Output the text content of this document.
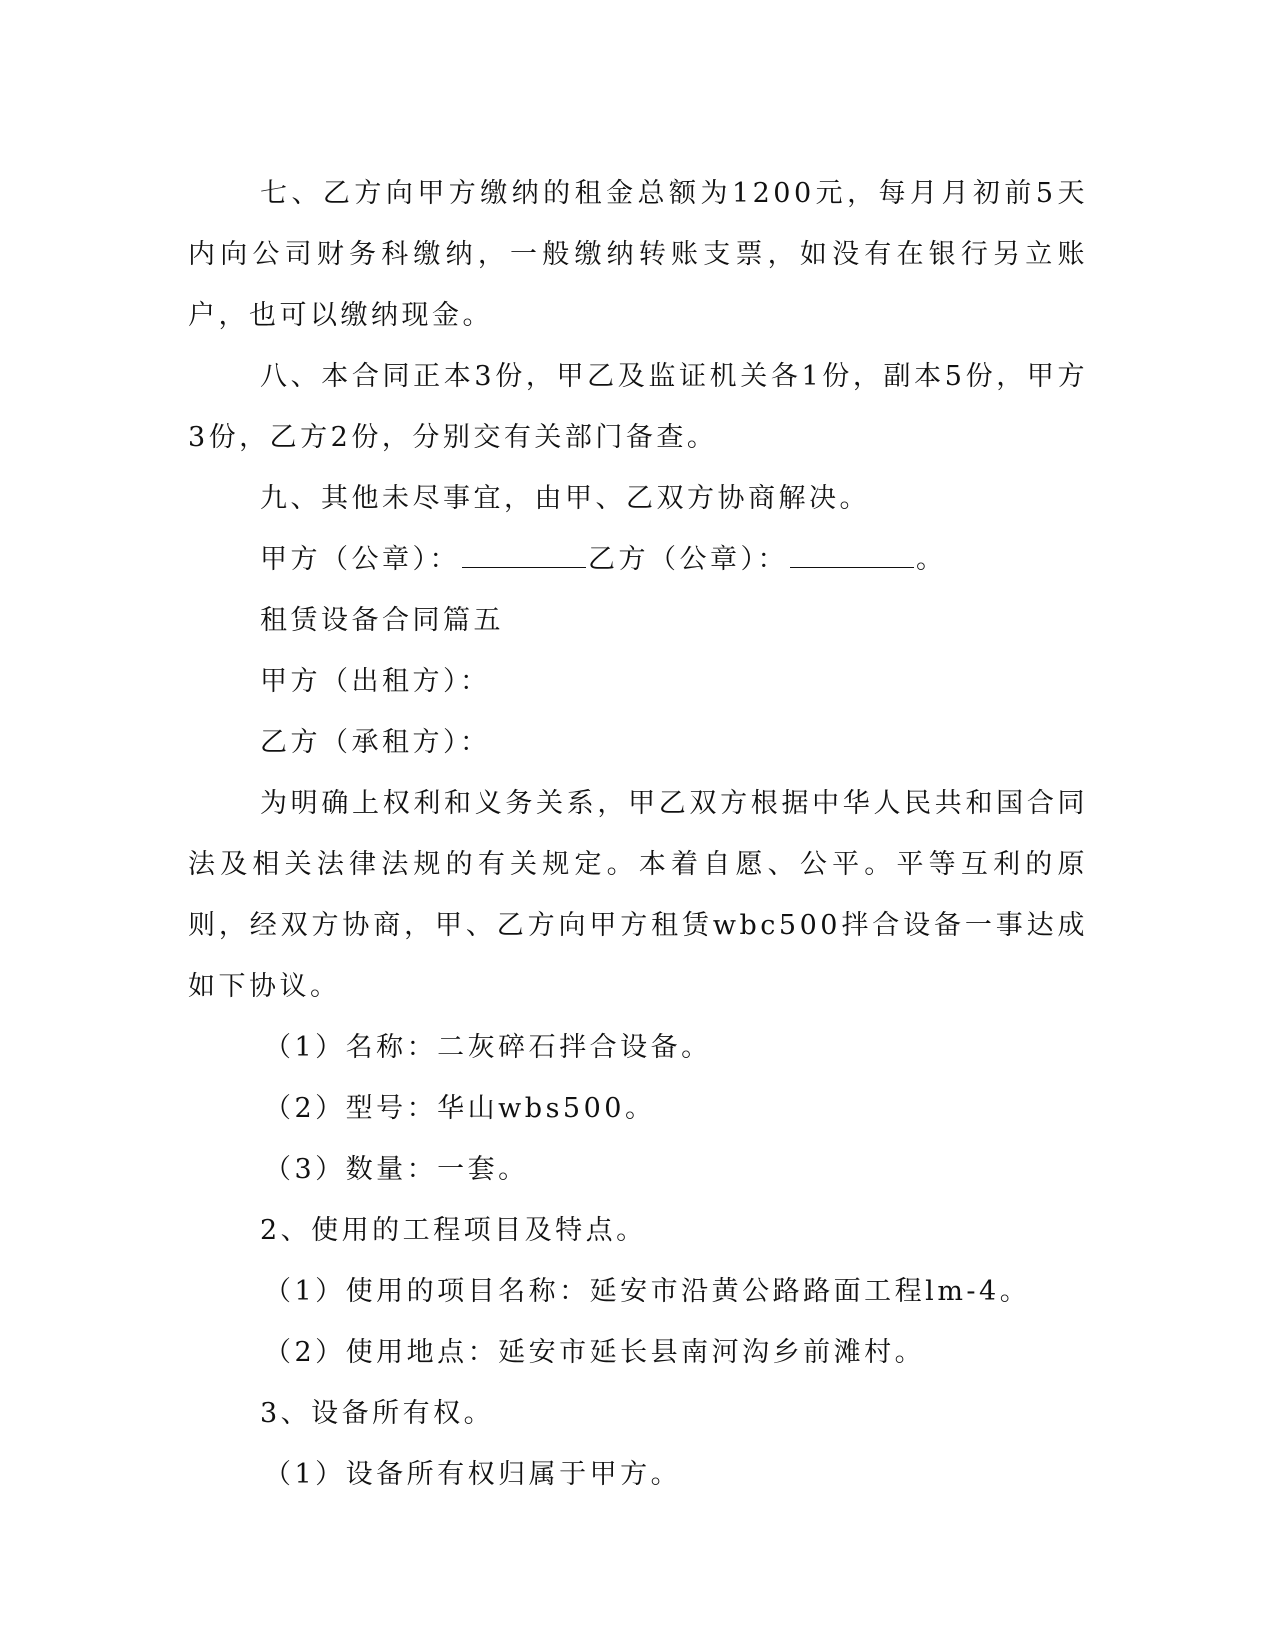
七、乙方向甲方缴纳的租金总额为1200元，每月月初前5天内向公司财务科缴纳，一般缴纳转账支票，如没有在银行另立账户，也可以缴纳现金。

八、本合同正本3份，甲乙及监证机关各1份，副本5份，甲方3份，乙方2份，分别交有关部门备查。

九、其他未尽事宜，由甲、乙双方协商解决。

甲方（公章）：	乙方（公章）：	。

租赁设备合同篇五

甲方（出租方）：

乙方（承租方）：

为明确上权利和义务关系，甲乙双方根据中华人民共和国合同法及相关法律法规的有关规定。本着自愿、公平。平等互利的原则，经双方协商，甲、乙方向甲方租赁wbc500拌合设备一事达成如下协议。

（1）名称：二灰碎石拌合设备。

（2）型号：华山wbs500。

（3）数量：一套。

2、使用的工程项目及特点。

（1）使用的项目名称：延安市沿黄公路路面工程lm-4。

（2）使用地点：延安市延长县南河沟乡前滩村。

3、设备所有权。

（1）设备所有权归属于甲方。
